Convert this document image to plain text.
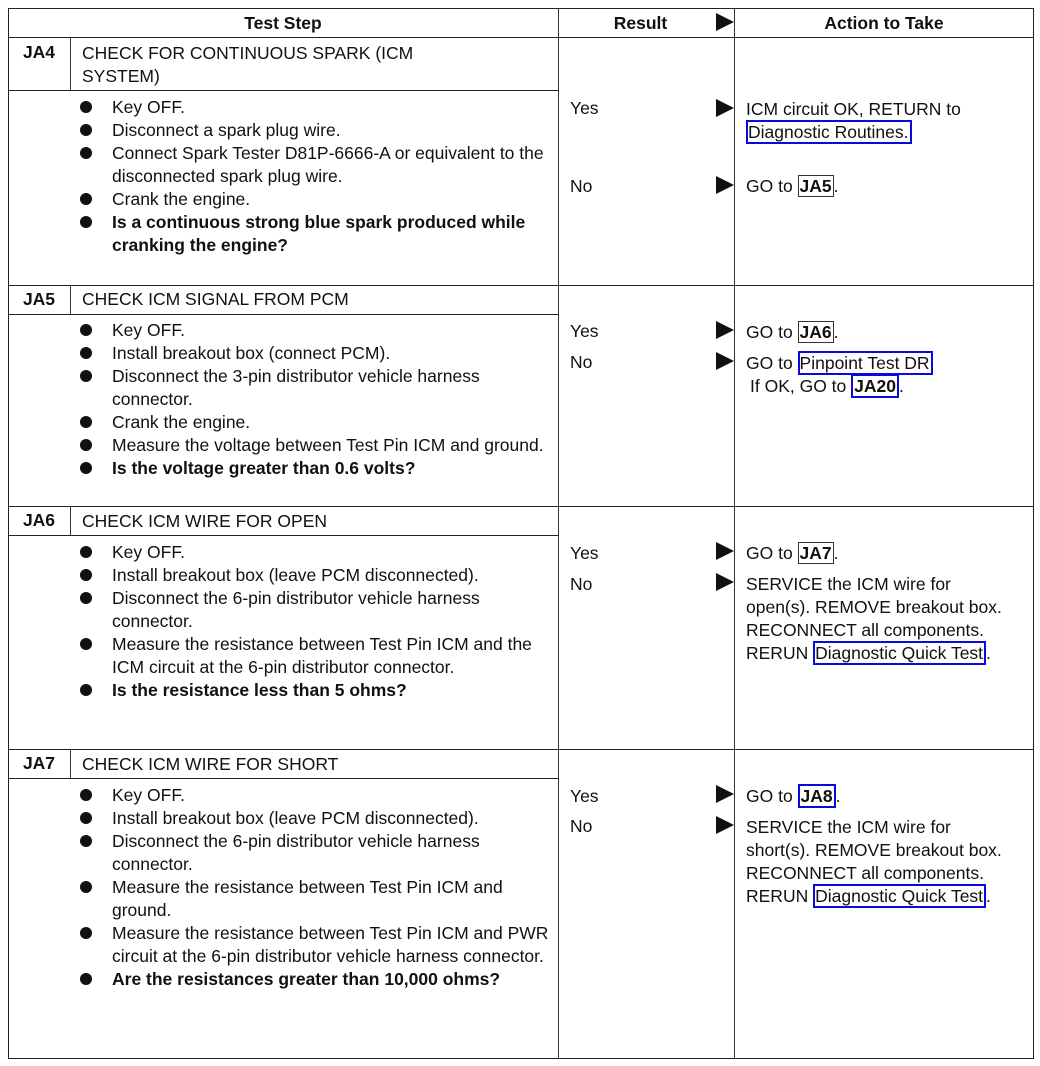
Test Step	Result	Action to Take
JA4	CHECK FOR CONTINUOUS SPARK (ICM
SYSTEM)
Key OFF.
Disconnect a spark plug wire.
Connect Spark Tester D81P-6666-A or equivalent to the disconnected spark plug wire.
Crank the engine.
Is a continuous strong blue spark produced while cranking the engine?
Yes	ICM circuit OK, RETURN to Diagnostic Routines.
No	GO to JA5 .
JA5	CHECK ICM SIGNAL FROM PCM
Key OFF.
Install breakout box (connect PCM).
Disconnect the 3-pin distributor vehicle harness connector.
Crank the engine.
Measure the voltage between Test Pin ICM and ground.
Is the voltage greater than 0.6 volts?
Yes	GO to JA6 .
No	GO to Pinpoint Test DR
If OK, GO to JA20 .
JA6	CHECK ICM WIRE FOR OPEN
Key OFF.
Install breakout box (leave PCM disconnected).
Disconnect the 6-pin distributor vehicle harness connector.
Measure the resistance between Test Pin ICM and the ICM circuit at the 6-pin distributor connector.
Is the resistance less than 5 ohms?
Yes	GO to JA7 .
No	SERVICE the ICM wire for open(s). REMOVE breakout box. RECONNECT all components. RERUN Diagnostic Quick Test .
JA7	CHECK ICM WIRE FOR SHORT
Key OFF.
Install breakout box (leave PCM disconnected).
Disconnect the 6-pin distributor vehicle harness connector.
Measure the resistance between Test Pin ICM and ground.
Measure the resistance between Test Pin ICM and PWR circuit at the 6-pin distributor vehicle harness connector.
Are the resistances greater than 10,000 ohms?
Yes	GO to JA8 .
No	SERVICE the ICM wire for short(s). REMOVE breakout box. RECONNECT all components. RERUN Diagnostic Quick Test .
